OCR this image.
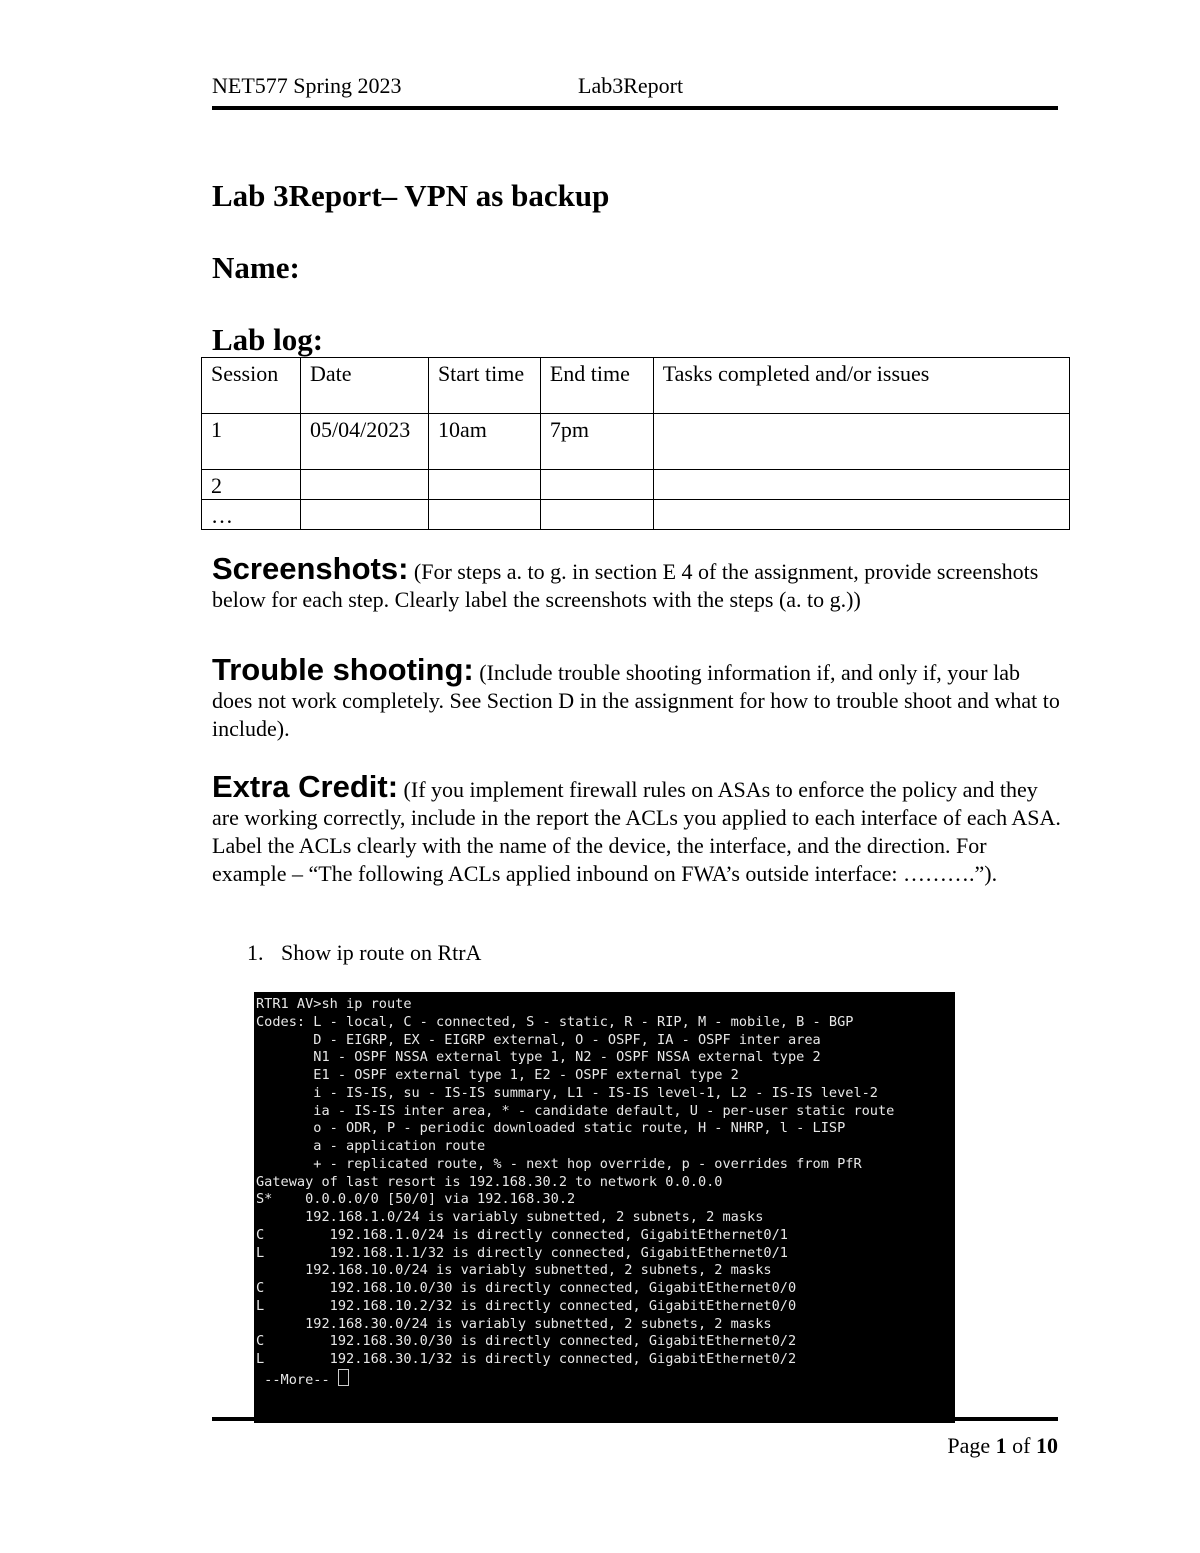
NET577 Spring 2023	Lab3Report
Lab 3Report– VPN as backup
Name:
Lab log:
Session	Date	Start time	End time	Tasks completed and/or issues
1	05/04/2023	10am	7pm	
2				
…				
Screenshots: (For steps a. to g. in section E 4 of the assignment, provide screenshots below for each step. Clearly label the screenshots with the steps (a. to g.))
Trouble shooting: (Include trouble shooting information if, and only if, your lab does not work completely. See Section D in the assignment for how to trouble shoot and what to include).
Extra Credit: (If you implement firewall rules on ASAs to enforce the policy and they are working correctly, include in the report the ACLs you applied to each interface of each ASA. Label the ACLs clearly with the name of the device, the interface, and the direction. For example – “The following ACLs applied inbound on FWA’s outside interface: ……….”).
1. Show ip route on RtrA
RTR1 AV>sh ip route
Codes: L - local, C - connected, S - static, R - RIP, M - mobile, B - BGP
D - EIGRP, EX - EIGRP external, O - OSPF, IA - OSPF inter area
N1 - OSPF NSSA external type 1, N2 - OSPF NSSA external type 2
E1 - OSPF external type 1, E2 - OSPF external type 2
i - IS-IS, su - IS-IS summary, L1 - IS-IS level-1, L2 - IS-IS level-2
ia - IS-IS inter area, * - candidate default, U - per-user static route
o - ODR, P - periodic downloaded static route, H - NHRP, l - LISP
a - application route
+ - replicated route, % - next hop override, p - overrides from PfR
Gateway of last resort is 192.168.30.2 to network 0.0.0.0
S*    0.0.0.0/0 [50/0] via 192.168.30.2
192.168.1.0/24 is variably subnetted, 2 subnets, 2 masks
C        192.168.1.0/24 is directly connected, GigabitEthernet0/1
L        192.168.1.1/32 is directly connected, GigabitEthernet0/1
192.168.10.0/24 is variably subnetted, 2 subnets, 2 masks
C        192.168.10.0/30 is directly connected, GigabitEthernet0/0
L        192.168.10.2/32 is directly connected, GigabitEthernet0/0
192.168.30.0/24 is variably subnetted, 2 subnets, 2 masks
C        192.168.30.0/30 is directly connected, GigabitEthernet0/2
L        192.168.30.1/32 is directly connected, GigabitEthernet0/2
--More--
Page 1 of 10
